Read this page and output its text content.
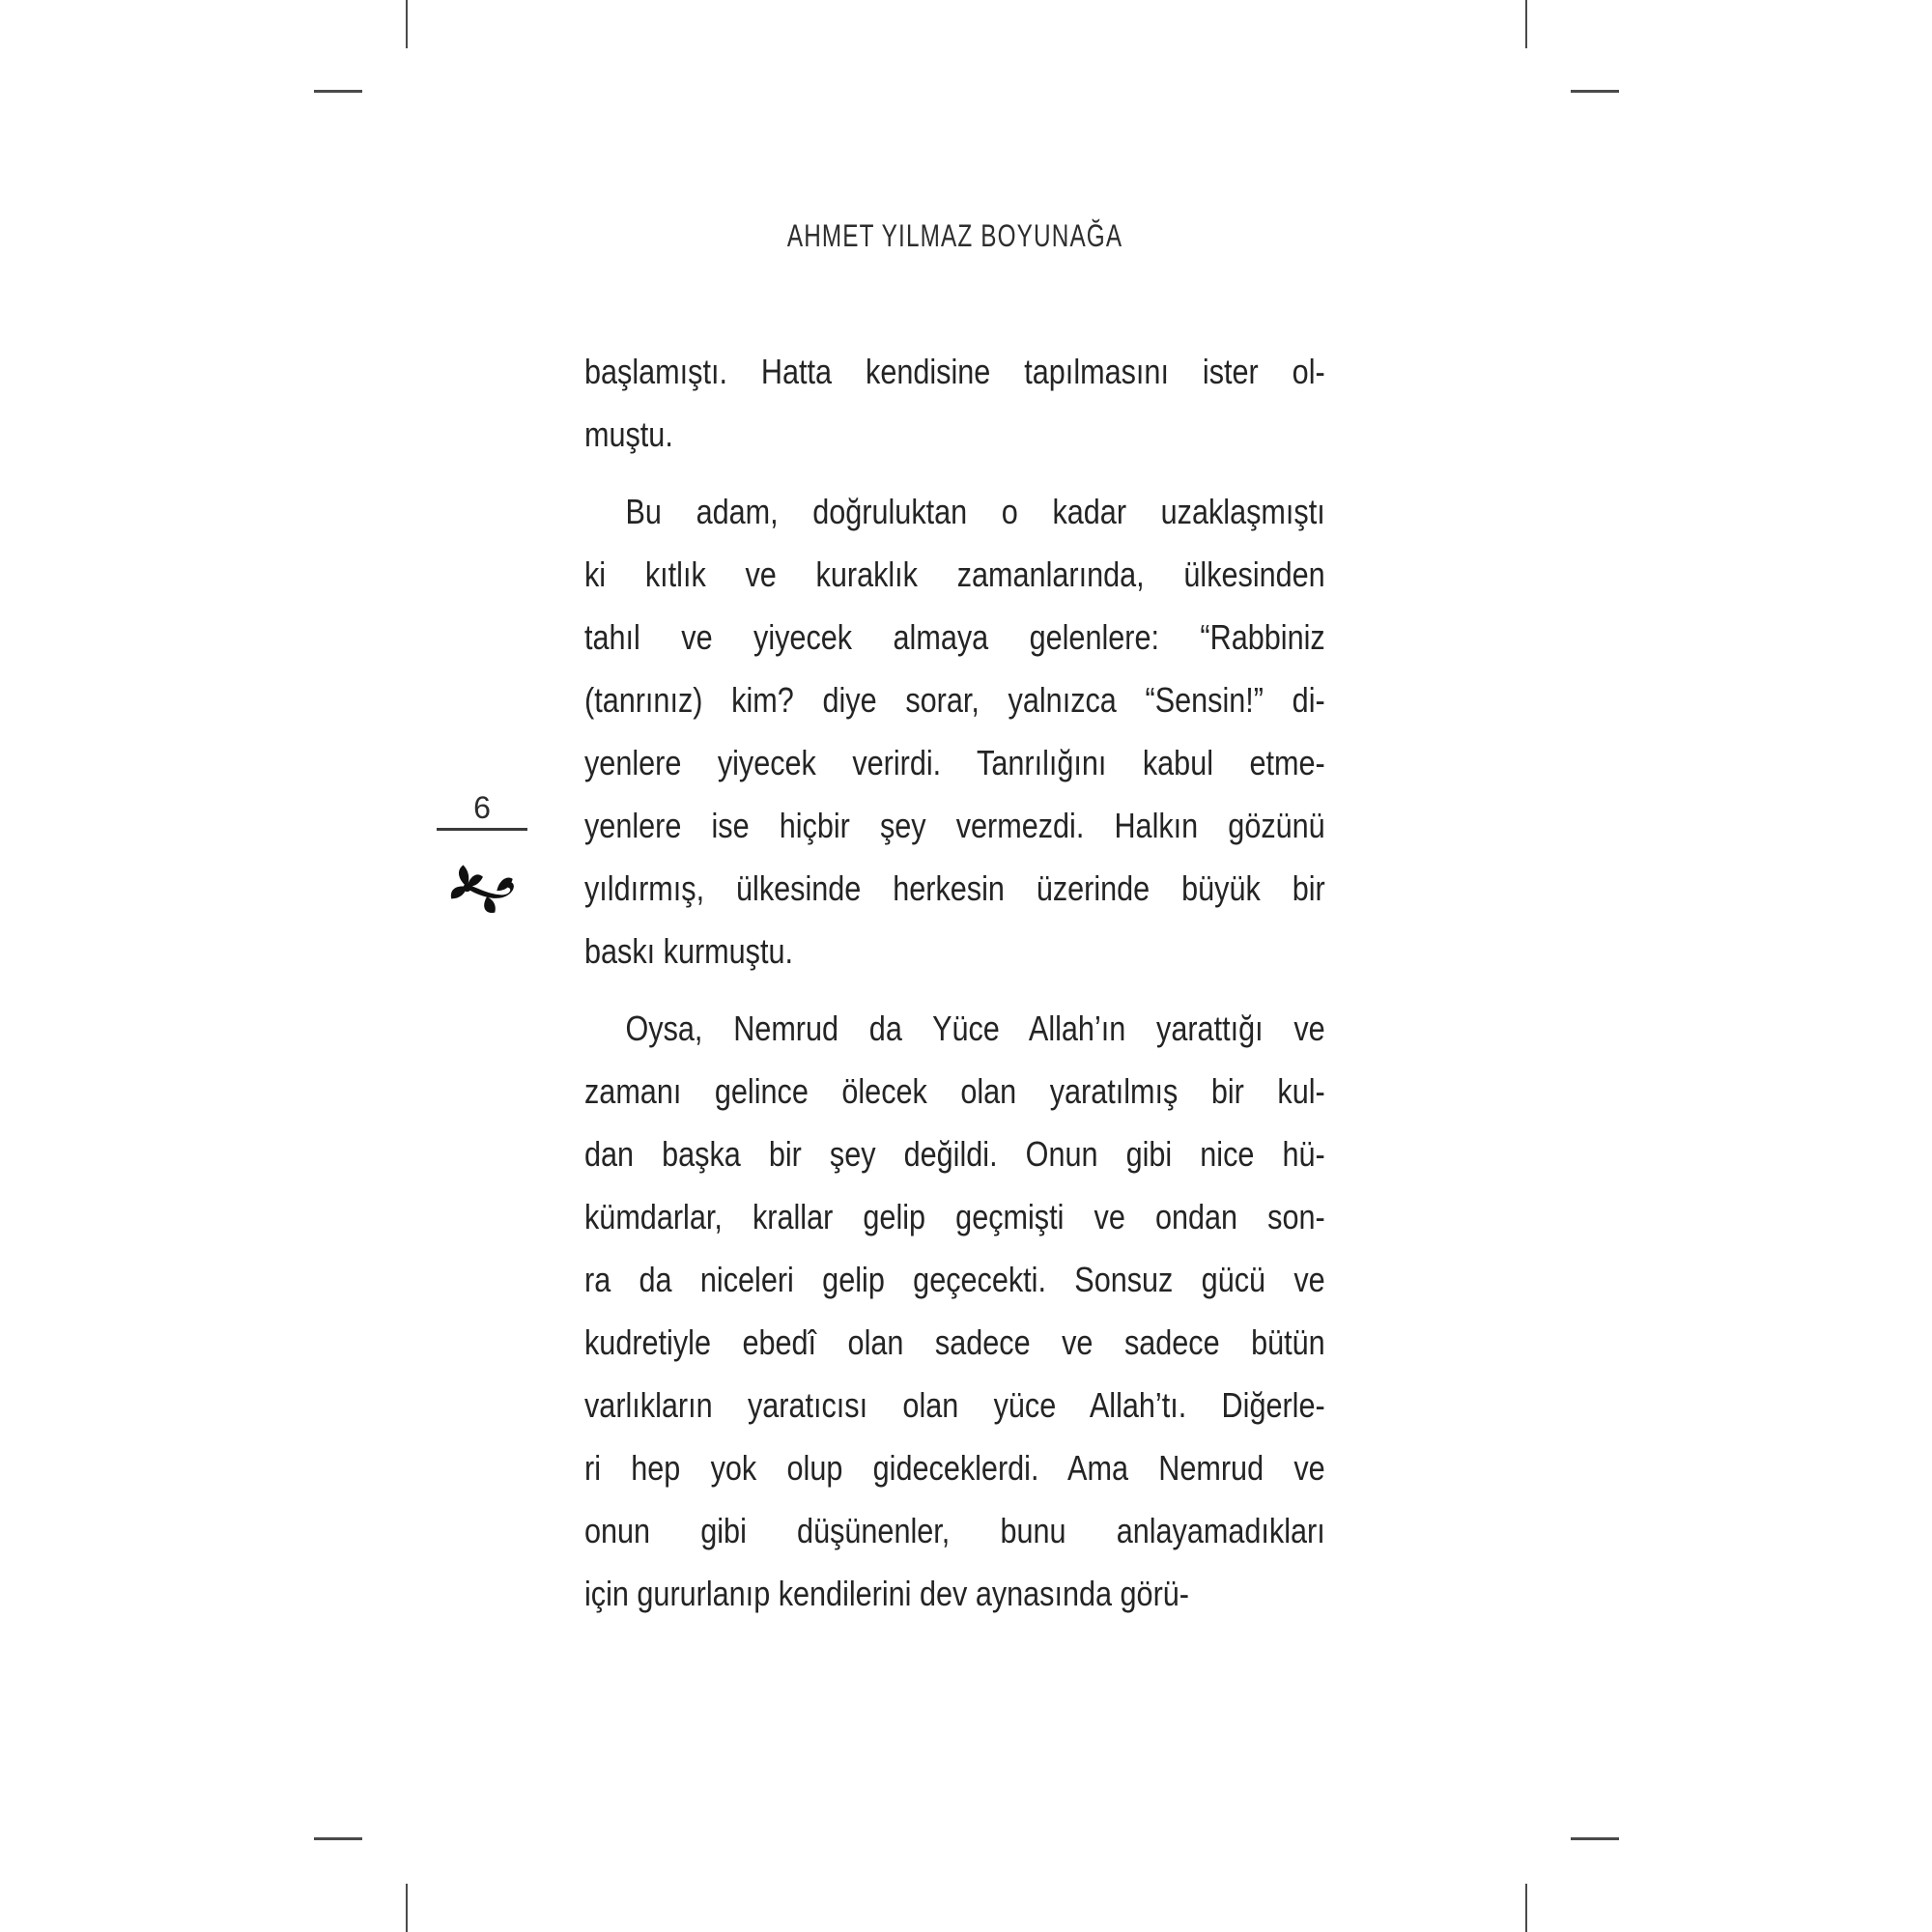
AHMET YILMAZ BOYUNAĞA
6
başlamıştı. Hatta kendisine tapılmasını ister ol-
muştu.
Bu adam, doğruluktan o kadar uzaklaşmıştı
ki kıtlık ve kuraklık zamanlarında, ülkesinden
tahıl ve yiyecek almaya gelenlere: “Rabbiniz
(tanrınız) kim? diye sorar, yalnızca “Sensin!” di-
yenlere yiyecek verirdi. Tanrılığını kabul etme-
yenlere ise hiçbir şey vermezdi. Halkın gözünü
yıldırmış, ülkesinde herkesin üzerinde büyük bir
baskı kurmuştu.
Oysa, Nemrud da Yüce Allah’ın yarattığı ve
zamanı gelince ölecek olan yaratılmış bir kul-
dan başka bir şey değildi. Onun gibi nice hü-
kümdarlar, krallar gelip geçmişti ve ondan son-
ra da niceleri gelip geçecekti. Sonsuz gücü ve
kudretiyle ebedî olan sadece ve sadece bütün
varlıkların yaratıcısı olan yüce Allah’tı. Diğerle-
ri hep yok olup gideceklerdi. Ama Nemrud ve
onun gibi düşünenler, bunu anlayamadıkları
için gururlanıp kendilerini dev aynasında görü-
